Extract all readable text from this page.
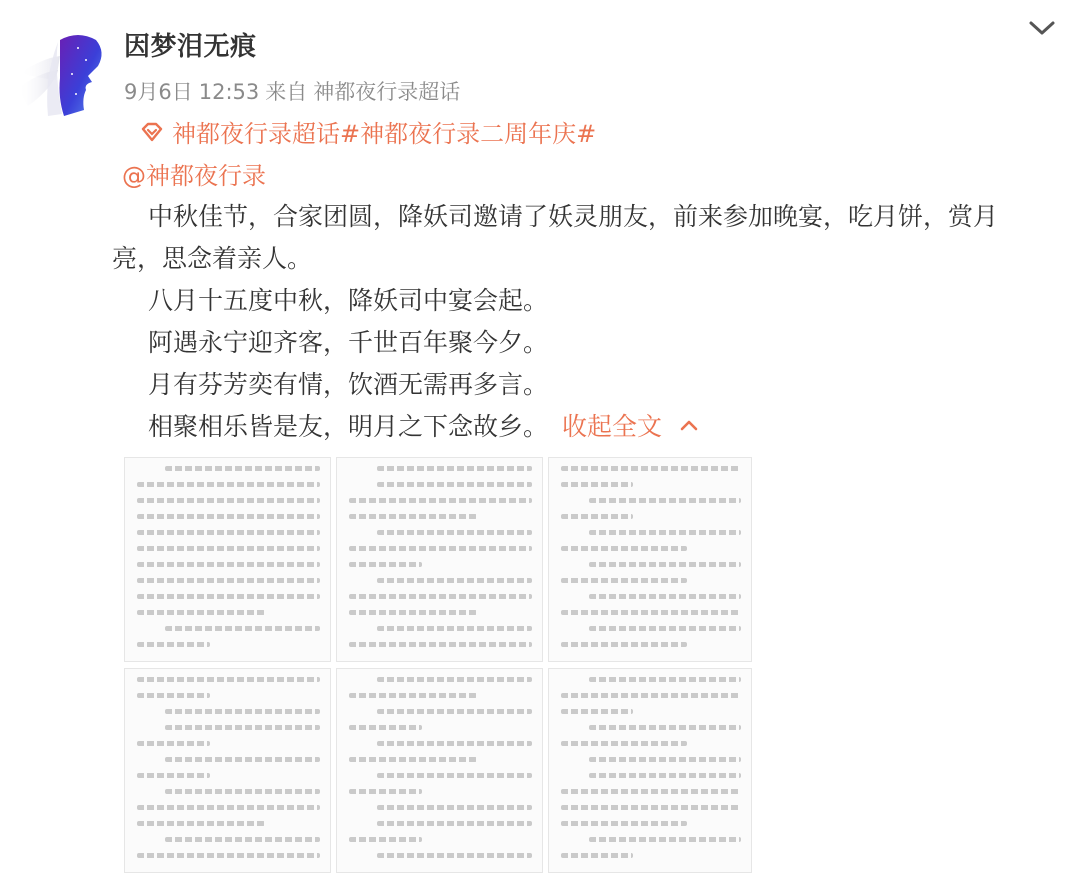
因梦泪无痕
9月6日 12:53 来自 神都夜行录超话
神都夜行录超话 #神都夜行录二周年庆#
@神都夜行录

中秋佳节，合家团圆，降妖司邀请了妖灵朋友，前来参加晚宴，吃月饼，赏月亮，思念着亲人。

八月十五度中秋，降妖司中宴会起。

阿遇永宁迎齐客，千世百年聚今夕。

月有芬芳奕有情，饮酒无需再多言。

相聚相乐皆是友，明月之下念故乡。 收起全文
